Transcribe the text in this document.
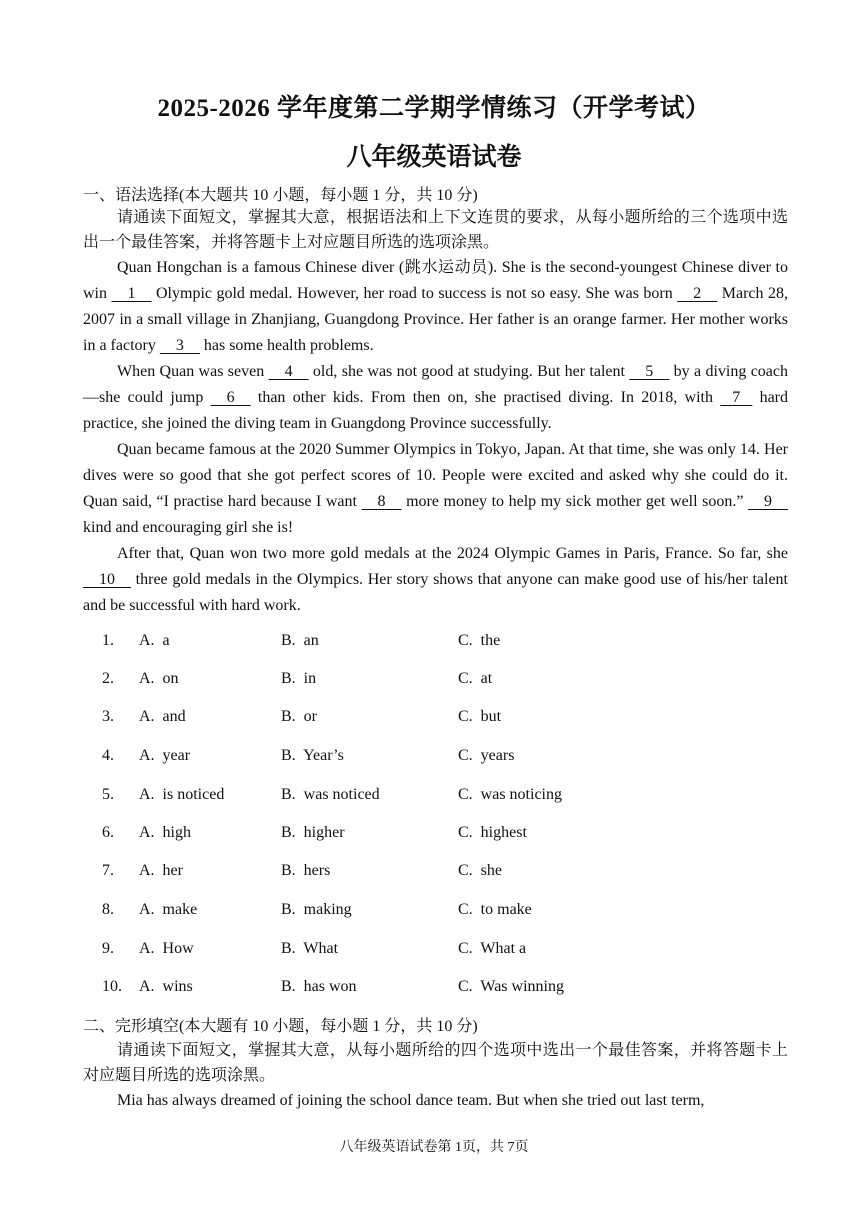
2025-2026 学年度第二学期学情练习（开学考试）
八年级英语试卷
一、语法选择(本大题共 10 小题，每小题 1 分，共 10 分)

请通读下面短文，掌握其大意，根据语法和上下文连贯的要求，从每小题所给的三个选项中选出一个最佳答案，并将答题卡上对应题目所选的选项涂黑。

Quan Hongchan is a famous Chinese diver (跳水运动员). She is the second-youngest Chinese diver to win     1     Olympic gold medal. However, her road to success is not so easy. She was born     2     March 28, 2007 in a small village in Zhanjiang, Guangdong Province. Her father is an orange farmer. Her mother works in a factory     3     has some health problems.

When Quan was seven     4     old, she was not good at studying. But her talent     5     by a diving coach—she could jump     6     than other kids. From then on, she practised diving. In 2018, with    7    hard practice, she joined the diving team in Guangdong Province successfully.

Quan became famous at the 2020 Summer Olympics in Tokyo, Japan. At that time, she was only 14. Her dives were so good that she got perfect scores of 10. People were excited and asked why she could do it. Quan said, “I practise hard because I want     8     more money to help my sick mother get well soon.”     9     kind and encouraging girl she is!

After that, Quan won two more gold medals at the 2024 Olympic Games in Paris, France. So far, she     10     three gold medals in the Olympics. Her story shows that anyone can make good use of his/her talent and be successful with hard work.

1. A.  a	B.  an	C.  the
2. A.  on	B.  in	C.  at
3. A.  and	B.  or	C.  but
4. A.  year	B.  Year’s	C.  years
5. A.  is noticed	B.  was noticed	C.  was noticing
6. A.  high	B.  higher	C.  highest
7. A.  her	B.  hers	C.  she
8. A.  make	B.  making	C.  to make
9. A.  How	B.  What	C.  What a
10. A.  wins	B.  has won	C.  Was winning
二、完形填空(本大题有 10 小题，每小题 1 分，共 10 分)

请通读下面短文，掌握其大意，从每小题所给的四个选项中选出一个最佳答案，并将答题卡上对应题目所选的选项涂黑。

Mia has always dreamed of joining the school dance team. But when she tried out last term,

八年级英语试卷第 1页，共 7页
